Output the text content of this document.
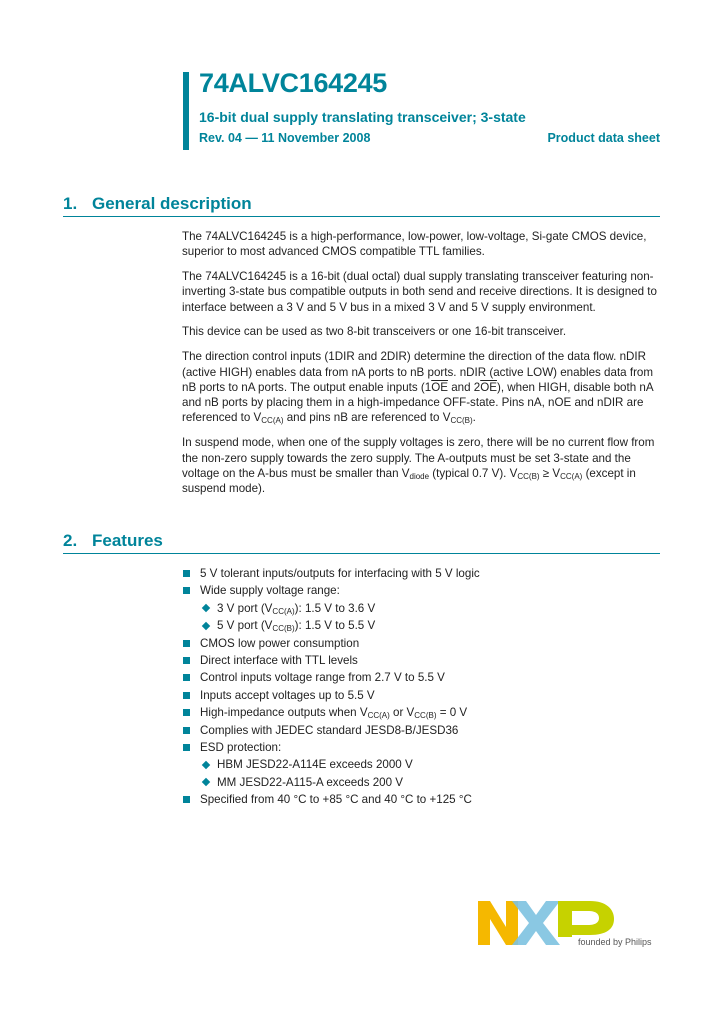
74ALVC164245
16-bit dual supply translating transceiver; 3-state
Rev. 04 — 11 November 2008	Product data sheet
1. General description

The 74ALVC164245 is a high-performance, low-power, low-voltage, Si-gate CMOS device, superior to most advanced CMOS compatible TTL families.

The 74ALVC164245 is a 16-bit (dual octal) dual supply translating transceiver featuring non-inverting 3-state bus compatible outputs in both send and receive directions. It is designed to interface between a 3 V and 5 V bus in a mixed 3 V and 5 V supply environment.

This device can be used as two 8-bit transceivers or one 16-bit transceiver.

The direction control inputs (1DIR and 2DIR) determine the direction of the data flow. nDIR (active HIGH) enables data from nA ports to nB ports. nDIR (active LOW) enables data from nB ports to nA ports. The output enable inputs ($1\overline{OE}$ and $2\overline{OE}$), when HIGH, disable both nA and nB ports by placing them in a high-impedance OFF-state. Pins nA, nOE and nDIR are referenced to $V_{CC(A)}$ and pins nB are referenced to $V_{CC(B)}$.

In suspend mode, when one of the supply voltages is zero, there will be no current flow from the non-zero supply towards the zero supply. The A-outputs must be set 3-state and the voltage on the A-bus must be smaller than $V_{diode}$ (typical 0.7 V). $V_{CC(B)} \ge V_{CC(A)}$ (except in suspend mode).

2. Features
5 V tolerant inputs/outputs for interfacing with 5 V logic
Wide supply voltage range:
3 V port $(V_{CC(A)})$: 1.5 V to 3.6 V
5 V port $(V_{CC(B)})$: 1.5 V to 5.5 V
CMOS low power consumption
Direct interface with TTL levels
Control inputs voltage range from 2.7 V to 5.5 V
Inputs accept voltages up to 5.5 V
High-impedance outputs when $V_{CC(A)}$ or $V_{CC(B)} = 0$ V
Complies with JEDEC standard JESD8-B/JESD36
ESD protection:
HBM JESD22-A114E exceeds 2000 V
MM JESD22-A115-A exceeds 200 V
Specified from 40 °C to +85 °C and 40 °C to +125 °C
founded by Philips
